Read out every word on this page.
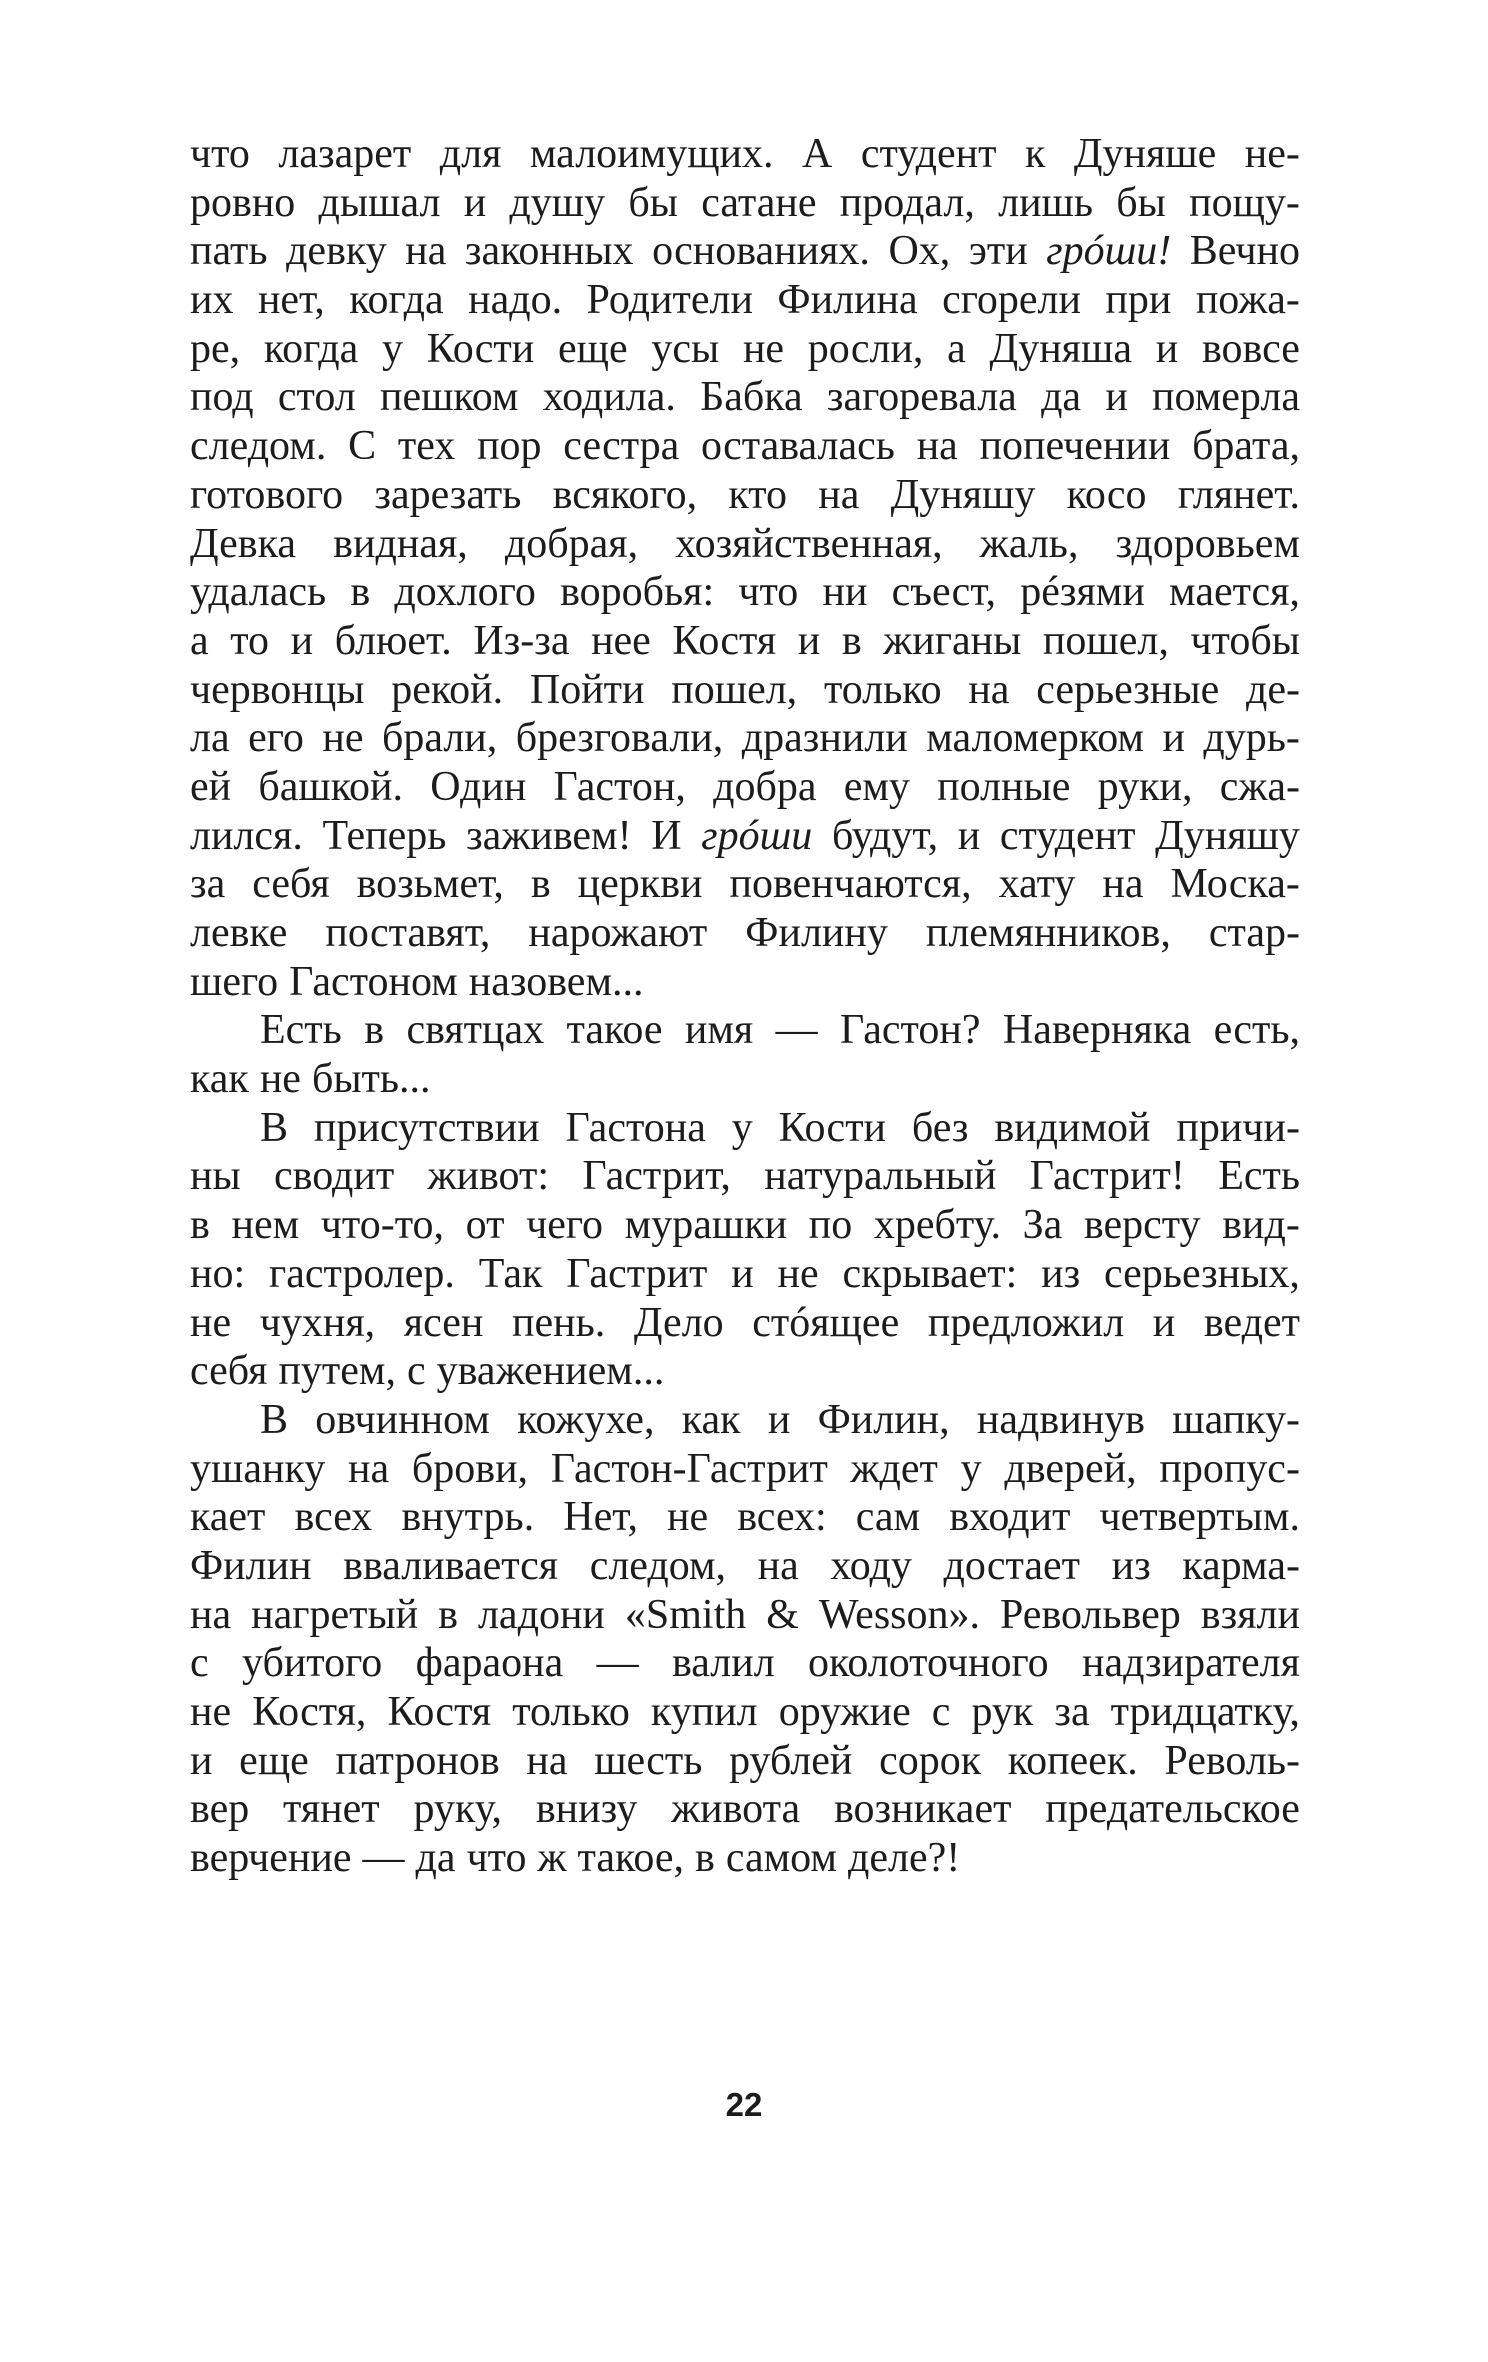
что лазарет для малоимущих. А студент к Дуняше не-
ровно дышал и душу бы сатане продал, лишь бы пощу-
пать девку на законных основаниях. Ох, эти грóши! Вечно
их нет, когда надо. Родители Филина сгорели при пожа-
ре, когда у Кости еще усы не росли, а Дуняша и вовсе
под стол пешком ходила. Бабка загоревала да и померла
следом. С тех пор сестра оставалась на попечении брата,
готового зарезать всякого, кто на Дуняшу косо глянет.
Девка видная, добрая, хозяйственная, жаль, здоровьем
удалась в дохлого воробья: что ни съест, рéзями мается,
а то и блюет. Из-за нее Костя и в жиганы пошел, чтобы
червонцы рекой. Пойти пошел, только на серьезные де-
ла его не брали, брезговали, дразнили маломерком и дурь-
ей башкой. Один Гастон, добра ему полные руки, сжа-
лился. Теперь заживем! И грóши будут, и студент Дуняшу
за себя возьмет, в церкви повенчаются, хату на Моска-
левке поставят, нарожают Филину племянников, стар-
шего Гастоном назовем...
Есть в святцах такое имя — Гастон? Наверняка есть,
как не быть...
В присутствии Гастона у Кости без видимой причи-
ны сводит живот: Гастрит, натуральный Гастрит! Есть
в нем что-то, от чего мурашки по хребту. За версту вид-
но: гастролер. Так Гастрит и не скрывает: из серьезных,
не чухня, ясен пень. Дело стóящее предложил и ведет
себя путем, с уважением...
В овчинном кожухе, как и Филин, надвинув шапку-
ушанку на брови, Гастон-Гастрит ждет у дверей, пропус-
кает всех внутрь. Нет, не всех: сам входит четвертым.
Филин вваливается следом, на ходу достает из карма-
на нагретый в ладони «Smith & Wesson». Револьвер взяли
с убитого фараона — валил околоточного надзирателя
не Костя, Костя только купил оружие с рук за тридцатку,
и еще патронов на шесть рублей сорок копеек. Револь-
вер тянет руку, внизу живота возникает предательское
верчение — да что ж такое, в самом деле?!
22
